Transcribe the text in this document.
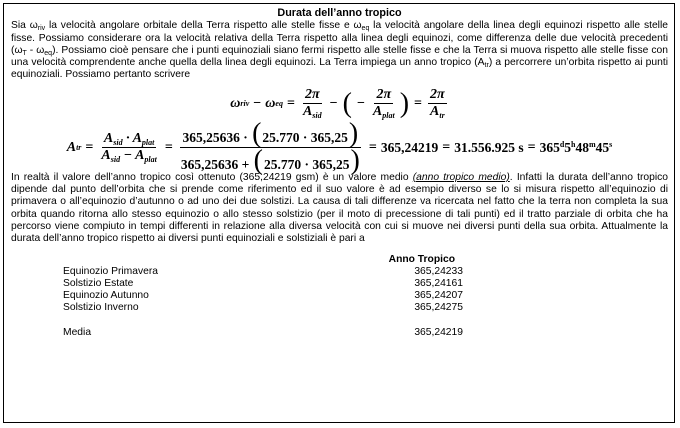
Durata dell’anno tropico

Sia $\omega_{riv}$ la velocità angolare orbitale della Terra rispetto alle stelle fisse e $\omega_{eq}$ la velocità angolare della linea degli equinozi rispetto alle stelle fisse. Possiamo considerare ora la velocità relativa della Terra rispetto alla linea degli equinozi, come differenza delle due velocità precedenti $(\omega_T - \omega_{eq})$. Possiamo cioè pensare che i punti equinoziali siano fermi rispetto alle stelle fisse e che la Terra si muova rispetto alle stelle fisse con una velocità comprendente anche quella della linea degli equinozi. La Terra impiega un anno tropico $(A_{tr})$ a percorrere un’orbita rispetto ai punti equinoziali. Possiamo pertanto scrivere

ω riv − ω eq = $\frac{2\pi}{A_{sid}}$ − ( − $\frac{2\pi}{A_{plat}}$ ) = $\frac{2\pi}{A_{tr}}$
A tr = $\frac{A_{sid} \cdot A_{plat}}{A_{sid} - A_{plat}} = \frac{365,25636 \cdot (25.770 \cdot 365,25)}{365,25636 + (25.770 \cdot 365,25)} = 365,24219 = 31.556.925$ $s = 365^d5^h48^m45^s$

In realtà il valore dell’anno tropico così ottenuto (365,24219 gsm) è un valore medio (anno tropico medio). Infatti la durata dell’anno tropico dipende dal punto dell’orbita che si prende come riferimento ed il suo valore è ad esempio diverso se lo si misura rispetto all’equinozio di primavera o all’equinozio d’autunno o ad uno dei due solstizi. La causa di tali differenze va ricercata nel fatto che la terra non completa la sua orbita quando ritorna allo stesso equinozio o allo stesso solstizio (per il moto di precessione di tali punti) ed il tratto parziale di orbita che ha percorso viene compiuto in tempi differenti in relazione alla diversa velocità con cui si muove nei diversi punti della sua orbita. Attualmente la durata dell’anno tropico rispetto ai diversi punti equinoziali e solstiziali è pari a

Anno Tropico
Equinozio Primavera	365,24233
Solstizio Estate	365,24161
Equinozio Autunno	365,24207
Solstizio Inverno	365,24275
Media	365,24219
